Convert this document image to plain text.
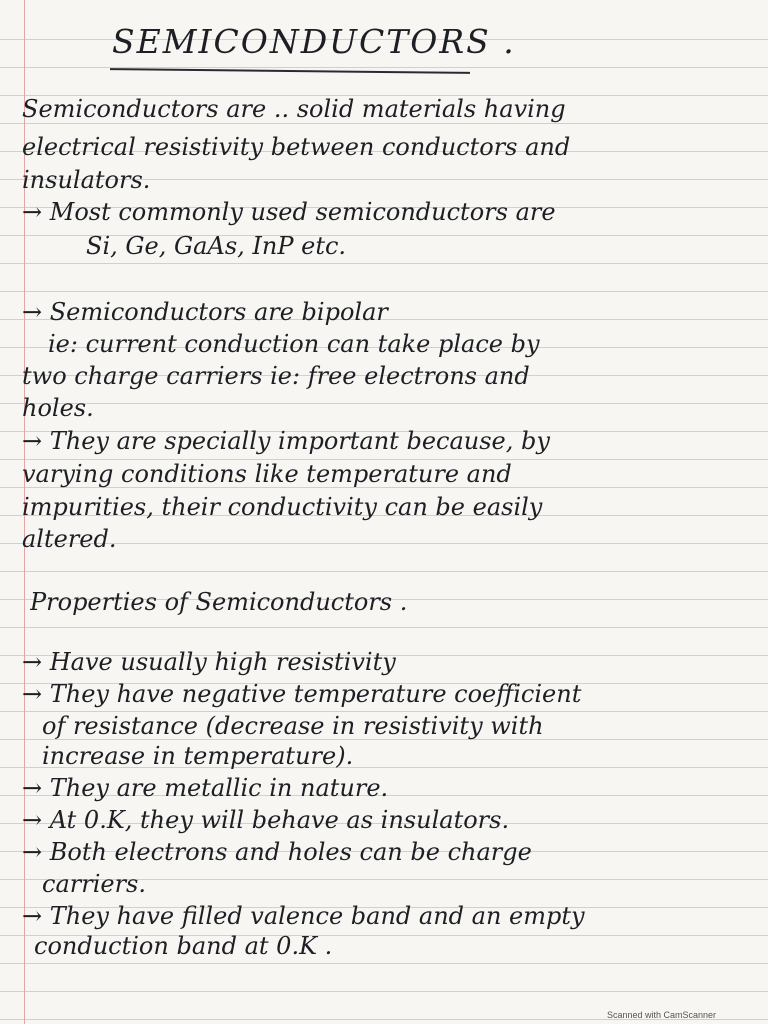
SEMICONDUCTORS .
Semiconductors are .. solid materials having
electrical resistivity between conductors and
insulators.
→ Most commonly used semiconductors are
Si, Ge, GaAs, InP etc.
→ Semiconductors are bipolar
ie: current conduction can take place by
two charge carriers ie: free electrons and
holes.
→ They are specially important because, by
varying conditions like temperature and
impurities, their conductivity can be easily
altered.
Properties of Semiconductors .
→ Have usually high resistivity
→ They have negative temperature coefficient
of resistance (decrease in resistivity with
increase in temperature).
→ They are metallic in nature.
→ At 0.K, they will behave as insulators.
→ Both electrons and holes can be charge
carriers.
→ They have filled valence band and an empty
conduction band at 0.K .
Scanned with CamScanner
